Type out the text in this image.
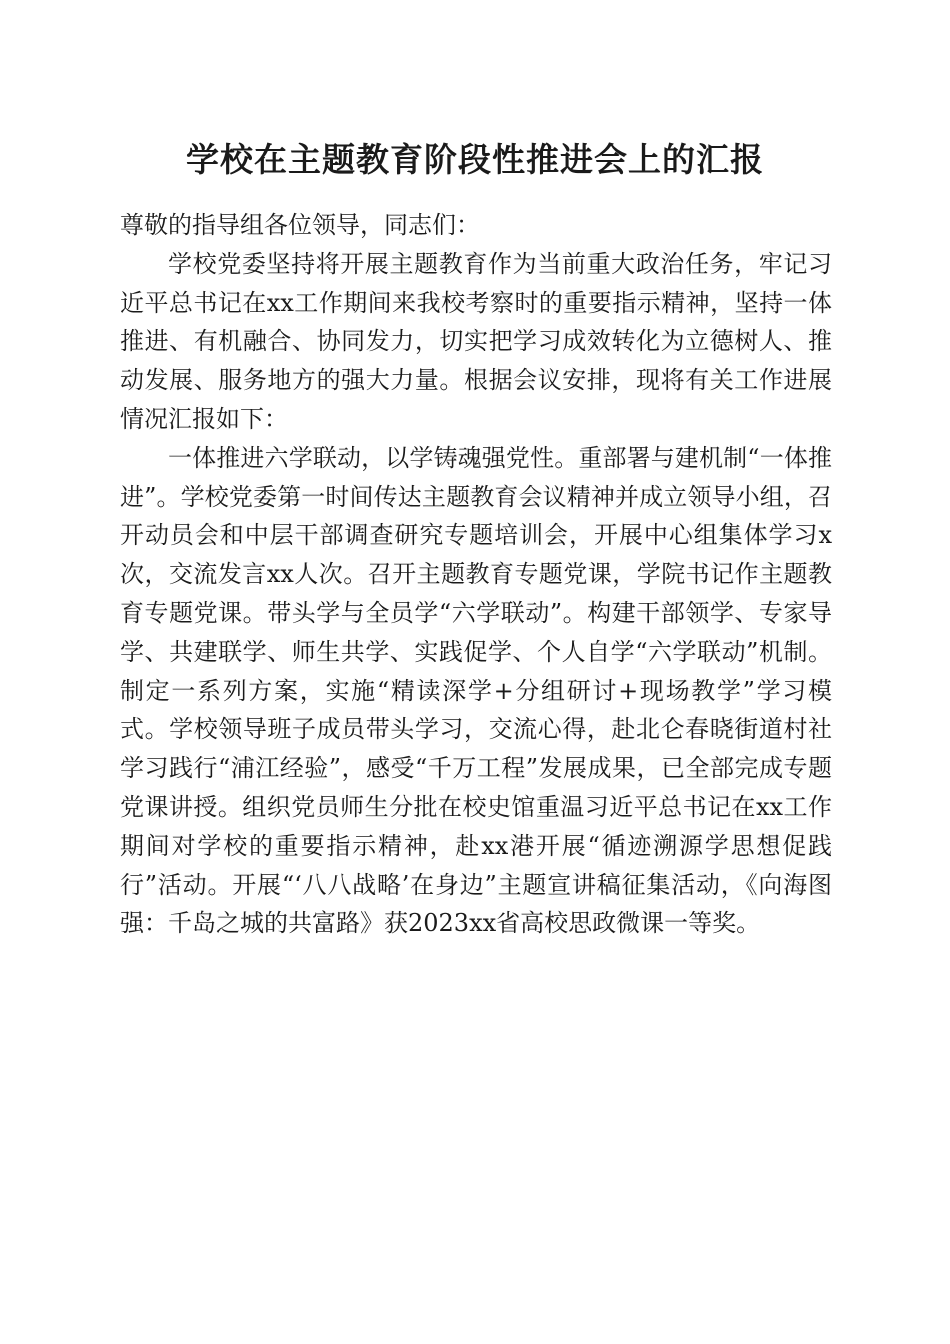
学校在主题教育阶段性推进会上的汇报

尊敬的指导组各位领导，同志们：

学校党委坚持将开展主题教育作为当前重大政治任务，牢记习近平总书记在xx工作期间来我校考察时的重要指示精神，坚持一体推进、有机融合、协同发力，切实把学习成效转化为立德树人、推动发展、服务地方的强大力量。根据会议安排，现将有关工作进展情况汇报如下：

一体推进六学联动，以学铸魂强党性。重部署与建机制“一体推进”。学校党委第一时间传达主题教育会议精神并成立领导小组，召开动员会和中层干部调查研究专题培训会，开展中心组集体学习x次，交流发言xx人次。召开主题教育专题党课，学院书记作主题教育专题党课。带头学与全员学“六学联动”。构建干部领学、专家导学、共建联学、师生共学、实践促学、个人自学“六学联动”机制。制定一系列方案，实施“精读深学+分组研讨+现场教学”学习模式。学校领导班子成员带头学习，交流心得，赴北仑春晓街道村社学习践行“浦江经验”，感受“千万工程”发展成果，已全部完成专题党课讲授。组织党员师生分批在校史馆重温习近平总书记在xx工作期间对学校的重要指示精神，赴xx港开展“循迹溯源学思想促践行”活动。开展“‘八八战略’在身边”主题宣讲稿征集活动，《向海图强：千岛之城的共富路》获2023xx省高校思政微课一等奖。
